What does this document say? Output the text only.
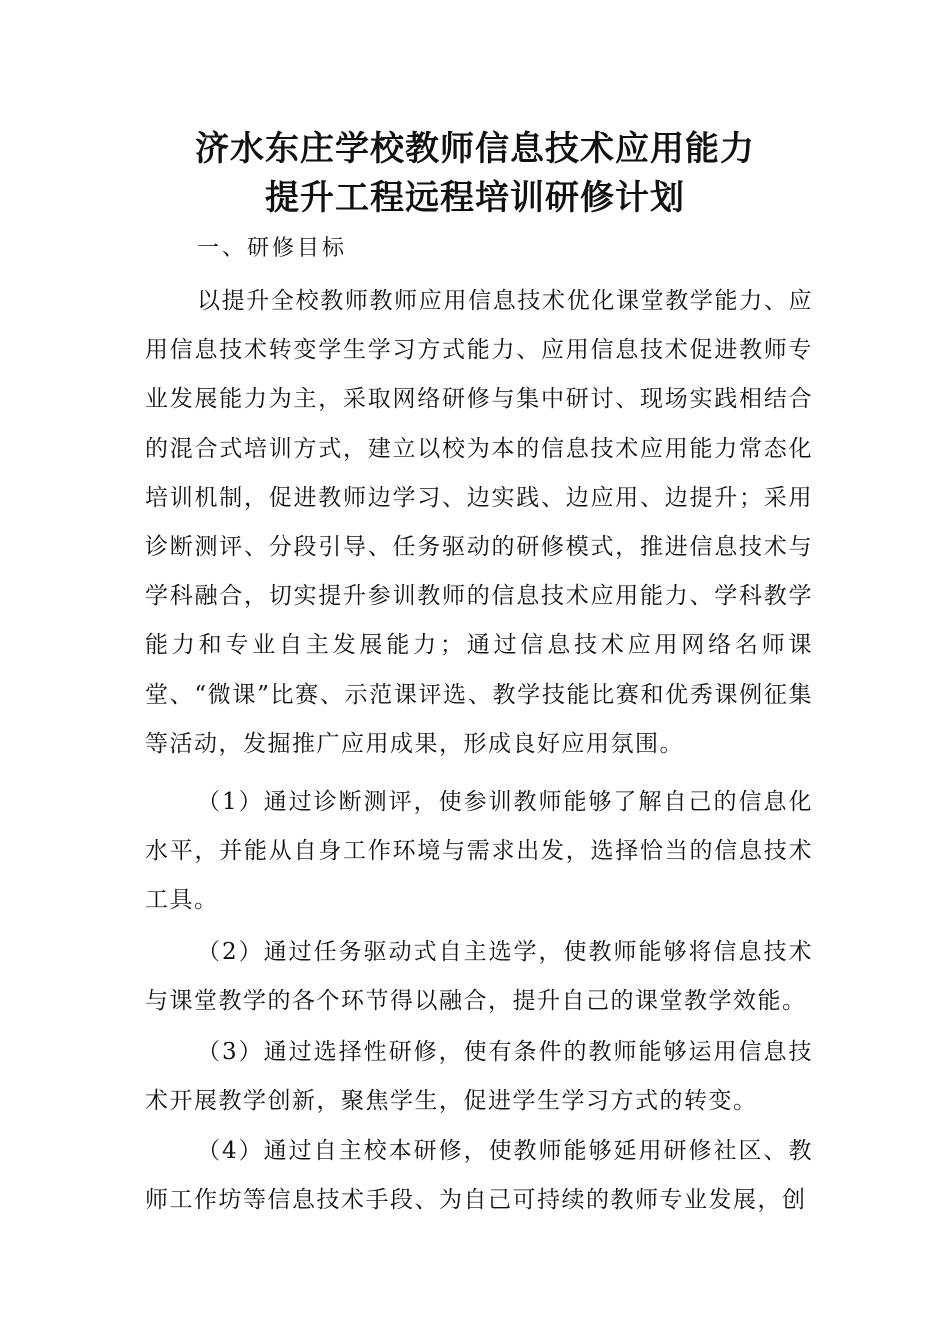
济水东庄学校教师信息技术应用能力
提升工程远程培训研修计划
一、研修目标
以提升全校教师教师应用信息技术优化课堂教学能力、应用信息技术转变学生学习方式能力、应用信息技术促进教师专业发展能力为主，采取网络研修与集中研讨、现场实践相结合的混合式培训方式，建立以校为本的信息技术应用能力常态化培训机制，促进教师边学习、边实践、边应用、边提升；采用诊断测评、分段引导、任务驱动的研修模式，推进信息技术与学科融合，切实提升参训教师的信息技术应用能力、学科教学能力和专业自主发展能力；通过信息技术应用网络名师课堂、“微课”比赛、示范课评选、教学技能比赛和优秀课例征集等活动，发掘推广应用成果，形成良好应用氛围。
（1）通过诊断测评，使参训教师能够了解自己的信息化水平，并能从自身工作环境与需求出发，选择恰当的信息技术工具。
（2）通过任务驱动式自主选学，使教师能够将信息技术与课堂教学的各个环节得以融合，提升自己的课堂教学效能。
（3）通过选择性研修，使有条件的教师能够运用信息技术开展教学创新，聚焦学生，促进学生学习方式的转变。
（4）通过自主校本研修，使教师能够延用研修社区、教师工作坊等信息技术手段、为自己可持续的教师专业发展，创
